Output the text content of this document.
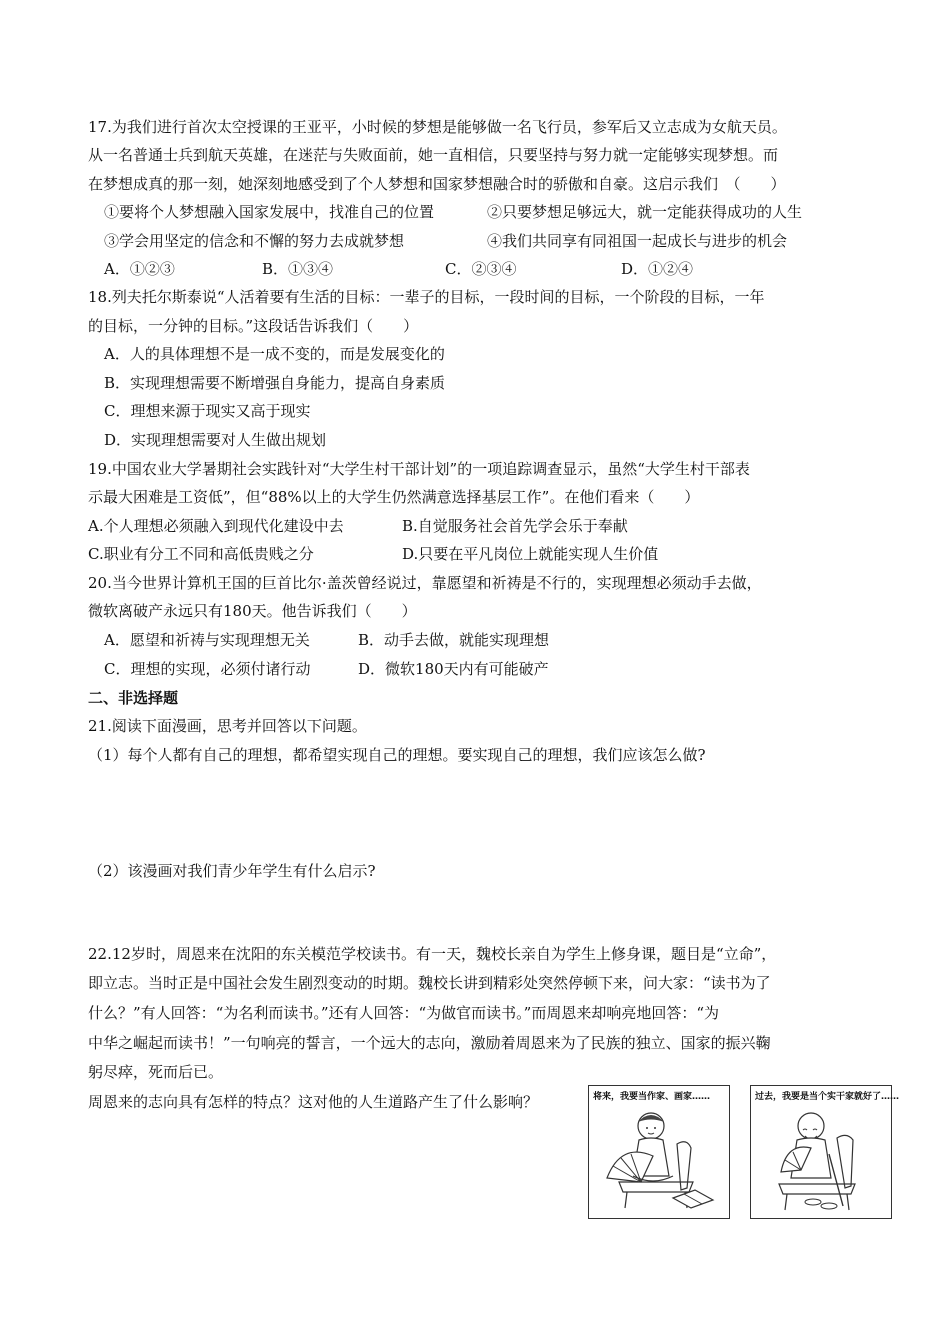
17.为我们进行首次太空授课的王亚平，小时候的梦想是能够做一名飞行员，参军后又立志成为女航天员。
从一名普通士兵到航天英雄，在迷茫与失败面前，她一直相信，只要坚持与努力就一定能够实现梦想。而
在梦想成真的那一刻，她深刻地感受到了个人梦想和国家梦想融合时的骄傲和自豪。这启示我们　（　　）
①要将个人梦想融入国家发展中，找准自己的位置	②只要梦想足够远大，就一定能获得成功的人生
③学会用坚定的信念和不懈的努力去成就梦想	④我们共同享有同祖国一起成长与进步的机会
A．①②③	B．①③④	C．②③④	D．①②④
18.列夫托尔斯泰说“人活着要有生活的目标：一辈子的目标，一段时间的目标，一个阶段的目标，一年
的目标，一分钟的目标。”这段话告诉我们（　　）
A．人的具体理想不是一成不变的，而是发展变化的
B．实现理想需要不断增强自身能力，提高自身素质
C．理想来源于现实又高于现实
D．实现理想需要对人生做出规划
19.中国农业大学暑期社会实践针对“大学生村干部计划”的一项追踪调查显示，虽然“大学生村干部表
示最大困难是工资低”，但“88%以上的大学生仍然满意选择基层工作”。在他们看来（　　）
A.个人理想必须融入到现代化建设中去	B.自觉服务社会首先学会乐于奉献
C.职业有分工不同和高低贵贱之分	D.只要在平凡岗位上就能实现人生价值
20.当今世界计算机王国的巨首比尔·盖茨曾经说过，靠愿望和祈祷是不行的，实现理想必须动手去做，
微软离破产永远只有180天。他告诉我们（　　）
A．愿望和祈祷与实现理想无关	B．动手去做，就能实现理想
C．理想的实现，必须付诸行动	D．微软180天内有可能破产
二、非选择题
21.阅读下面漫画，思考并回答以下问题。
（1）每个人都有自己的理想，都希望实现自己的理想。要实现自己的理想，我们应该怎么做?
（2）该漫画对我们青少年学生有什么启示?
22.12岁时，周恩来在沈阳的东关模范学校读书。有一天，魏校长亲自为学生上修身课，题目是“立命”，
即立志。当时正是中国社会发生剧烈变动的时期。魏校长讲到精彩处突然停顿下来，问大家：“读书为了
什么？”有人回答：“为名利而读书。”还有人回答：“为做官而读书。”而周恩来却响亮地回答：“为
中华之崛起而读书！”一句响亮的誓言，一个远大的志向，激励着周恩来为了民族的独立、国家的振兴鞠
躬尽瘁，死而后已。
周恩来的志向具有怎样的特点？这对他的人生道路产生了什么影响？	将来，我要当作家、画家……	过去，我要是当个实干家就好了……
